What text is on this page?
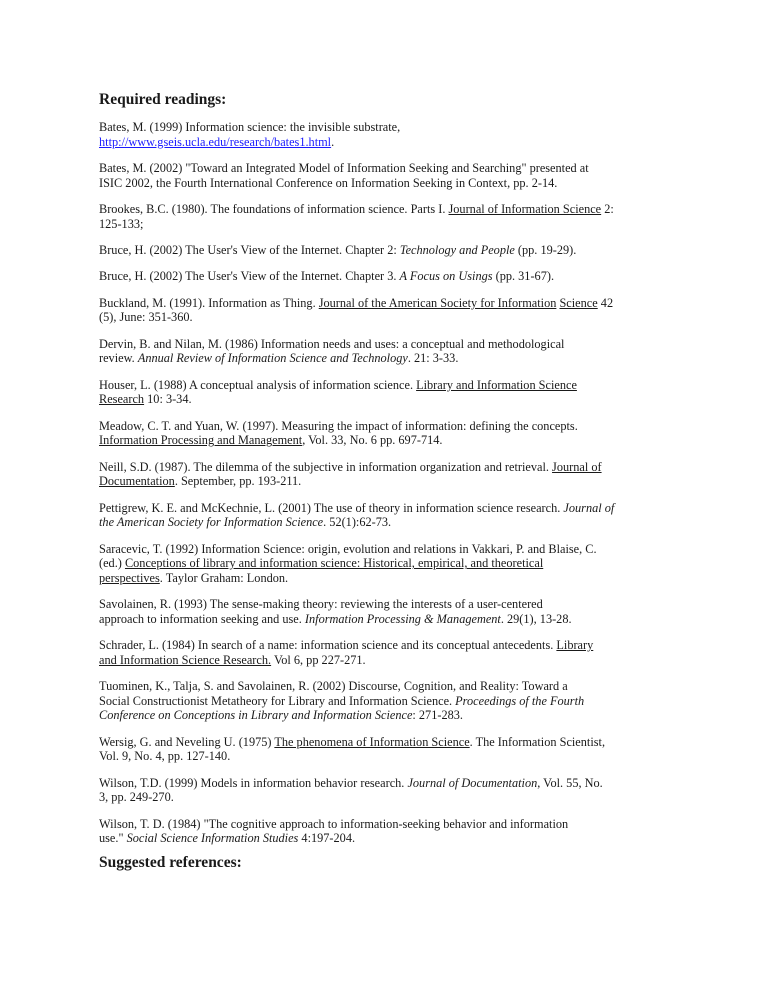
Required readings:

Bates, M. (1999) Information science: the invisible substrate,
http://www.gseis.ucla.edu/research/bates1.html.

Bates, M. (2002) "Toward an Integrated Model of Information Seeking and Searching" presented at
ISIC 2002, the Fourth International Conference on Information Seeking in Context, pp. 2-14.

Brookes, B.C. (1980). The foundations of information science. Parts I. Journal of Information Science 2:
125-133;

Bruce, H. (2002) The User's View of the Internet. Chapter 2: Technology and People (pp. 19-29).

Bruce, H. (2002) The User's View of the Internet. Chapter 3. A Focus on Usings (pp. 31-67).

Buckland, M. (1991). Information as Thing. Journal of the American Society for Information Science 42
(5), June: 351-360.

Dervin, B. and Nilan, M. (1986) Information needs and uses: a conceptual and methodological
review. Annual Review of Information Science and Technology. 21: 3-33.

Houser, L. (1988) A conceptual analysis of information science. Library and Information Science
Research 10: 3-34.

Meadow, C. T. and Yuan, W. (1997). Measuring the impact of information: defining the concepts.
Information Processing and Management, Vol. 33, No. 6 pp. 697-714.

Neill, S.D. (1987). The dilemma of the subjective in information organization and retrieval. Journal of
Documentation. September, pp. 193-211.

Pettigrew, K. E. and McKechnie, L. (2001) The use of theory in information science research. Journal of
the American Society for Information Science. 52(1):62-73.

Saracevic, T. (1992) Information Science: origin, evolution and relations in Vakkari, P. and Blaise, C.
(ed.) Conceptions of library and information science: Historical, empirical, and theoretical
perspectives. Taylor Graham: London.

Savolainen, R. (1993) The sense-making theory: reviewing the interests of a user-centered
approach to information seeking and use. Information Processing & Management. 29(1), 13-28.

Schrader, L. (1984) In search of a name: information science and its conceptual antecedents. Library
and Information Science Research. Vol 6, pp 227-271.

Tuominen, K., Talja, S. and Savolainen, R. (2002) Discourse, Cognition, and Reality: Toward a
Social Constructionist Metatheory for Library and Information Science. Proceedings of the Fourth
Conference on Conceptions in Library and Information Science: 271-283.

Wersig, G. and Neveling U. (1975) The phenomena of Information Science. The Information Scientist,
Vol. 9, No. 4, pp. 127-140.

Wilson, T.D. (1999) Models in information behavior research. Journal of Documentation, Vol. 55, No.
3, pp. 249-270.

Wilson, T. D. (1984) "The cognitive approach to information-seeking behavior and information
use." Social Science Information Studies 4:197-204.

Suggested references:
